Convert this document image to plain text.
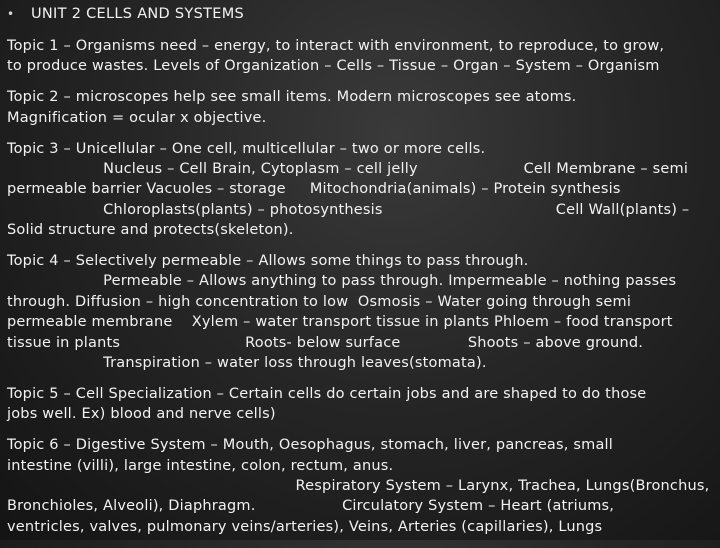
• UNIT 2 CELLS AND SYSTEMS
Topic 1 – Organisms need – energy, to interact with environment, to reproduce, to grow,
to produce wastes. Levels of Organization – Cells – Tissue – Organ – System – Organism
Topic 2 – microscopes help see small items. Modern microscopes see atoms.
Magnification = ocular x objective.
Topic 3 – Unicellular – One cell, multicellular – two or more cells.
Nucleus – Cell Brain, Cytoplasm – cell jelly                      Cell Membrane – semi
permeable barrier Vacuoles – storage     Mitochondria(animals) – Protein synthesis
Chloroplasts(plants) – photosynthesis                                    Cell Wall(plants) –
Solid structure and protects(skeleton).
Topic 4 – Selectively permeable – Allows some things to pass through.
Permeable – Allows anything to pass through. Impermeable – nothing passes
through. Diffusion – high concentration to low  Osmosis – Water going through semi
permeable membrane    Xylem – water transport tissue in plants Phloem – food transport
tissue in plants                          Roots- below surface              Shoots – above ground.
Transpiration – water loss through leaves(stomata).
Topic 5 – Cell Specialization – Certain cells do certain jobs and are shaped to do those
jobs well. Ex) blood and nerve cells)
Topic 6 – Digestive System – Mouth, Oesophagus, stomach, liver, pancreas, small
intestine (villi), large intestine, colon, rectum, anus.
Respiratory System – Larynx, Trachea, Lungs(Bronchus,
Bronchioles, Alveoli), Diaphragm.                  Circulatory System – Heart (atriums,
ventricles, valves, pulmonary veins/arteries), Veins, Arteries (capillaries), Lungs
